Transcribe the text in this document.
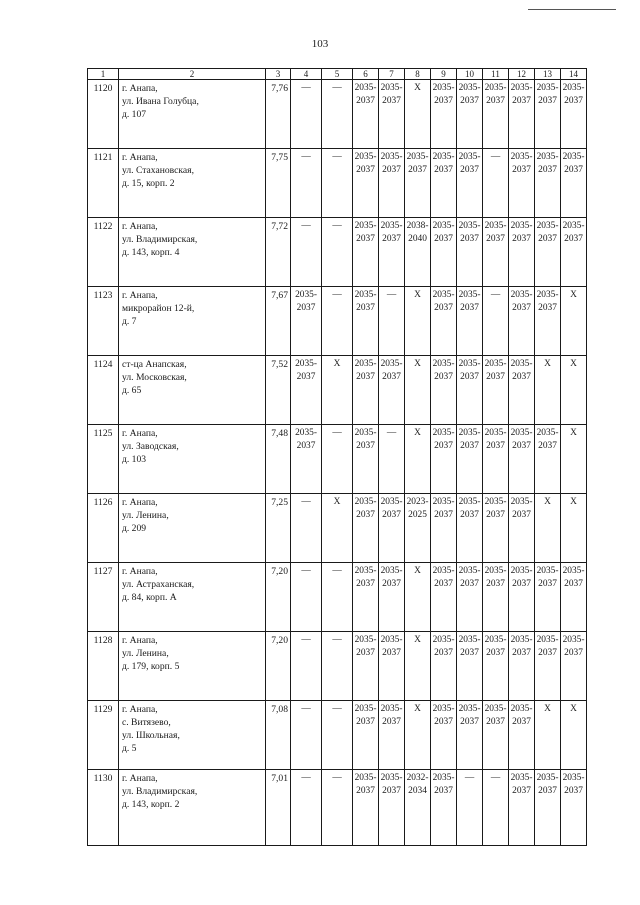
103
1	2	3	4	5	6	7	8	9	10	11	12	13	14
1120	г. Анапа,
ул. Ивана Голубца,
д. 107	7,76	—	—	2035-
2037	2035-
2037	X	2035-
2037	2035-
2037	2035-
2037	2035-
2037	2035-
2037	2035-
2037
1121	г. Анапа,
ул. Стахановская,
д. 15, корп. 2	7,75	—	—	2035-
2037	2035-
2037	2035-
2037	2035-
2037	2035-
2037	—	2035-
2037	2035-
2037	2035-
2037
1122	г. Анапа,
ул. Владимирская,
д. 143, корп. 4	7,72	—	—	2035-
2037	2035-
2037	2038-
2040	2035-
2037	2035-
2037	2035-
2037	2035-
2037	2035-
2037	2035-
2037
1123	г. Анапа,
микрорайон 12-й,
д. 7	7,67	2035-
2037	—	2035-
2037	—	X	2035-
2037	2035-
2037	—	2035-
2037	2035-
2037	X
1124	ст-ца Анапская,
ул. Московская,
д. 65	7,52	2035-
2037	X	2035-
2037	2035-
2037	X	2035-
2037	2035-
2037	2035-
2037	2035-
2037	X	X
1125	г. Анапа,
ул. Заводская,
д. 103	7,48	2035-
2037	—	2035-
2037	—	X	2035-
2037	2035-
2037	2035-
2037	2035-
2037	2035-
2037	X
1126	г. Анапа,
ул. Ленина,
д. 209	7,25	—	X	2035-
2037	2035-
2037	2023-
2025	2035-
2037	2035-
2037	2035-
2037	2035-
2037	X	X
1127	г. Анапа,
ул. Астраханская,
д. 84, корп. А	7,20	—	—	2035-
2037	2035-
2037	X	2035-
2037	2035-
2037	2035-
2037	2035-
2037	2035-
2037	2035-
2037
1128	г. Анапа,
ул. Ленина,
д. 179, корп. 5	7,20	—	—	2035-
2037	2035-
2037	X	2035-
2037	2035-
2037	2035-
2037	2035-
2037	2035-
2037	2035-
2037
1129	г. Анапа,
с. Витязево,
ул. Школьная,
д. 5	7,08	—	—	2035-
2037	2035-
2037	X	2035-
2037	2035-
2037	2035-
2037	2035-
2037	X	X
1130	г. Анапа,
ул. Владимирская,
д. 143, корп. 2	7,01	—	—	2035-
2037	2035-
2037	2032-
2034	2035-
2037	—	—	2035-
2037	2035-
2037	2035-
2037
